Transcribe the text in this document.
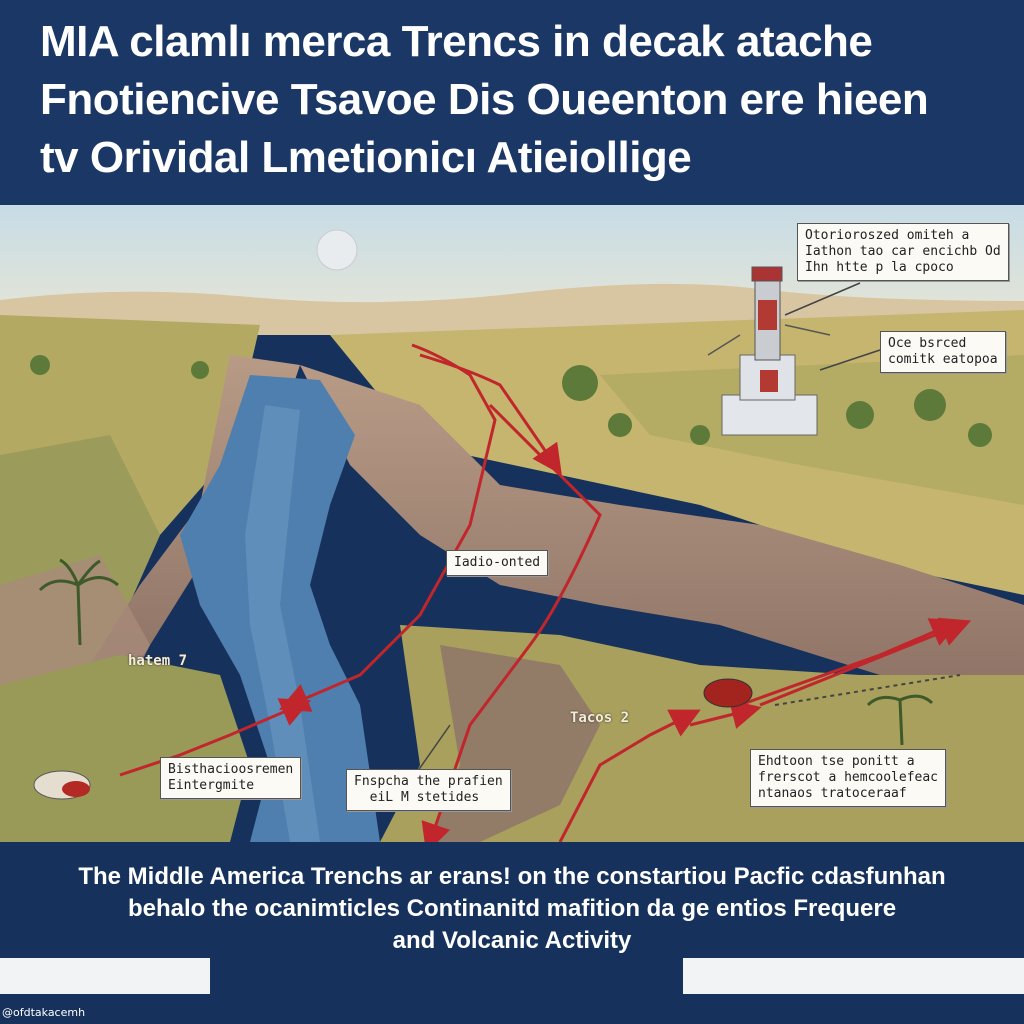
MIA clamlı merca Trencs in decak atache
Fnotiencive Tsavoe Dis Oueenton ere hieen
tv Orividal Lmetionicı Atieiollige
Otorioroszed omiteh a
Iathon tao car encichb Od
Ihn htte p la cpoco
Oce bsrced
comitk eatopoa
Iadio-onted
Bisthacioosremen
Eintergmite	Fnspcha the prafien
eiL M stetides
Ehdtoon tse ponitt a
frerscot a hemcoolefeac
ntanaos tratoceraaf
hatem 7
Tacos 2
The Middle America Trenchs ar erans! on the constartiou Pacfic cdasfunhan
behalo the ocanimticles Continanitd mafition da ge entios Frequere
and Volcanic Activity
@ofdtakacemh
